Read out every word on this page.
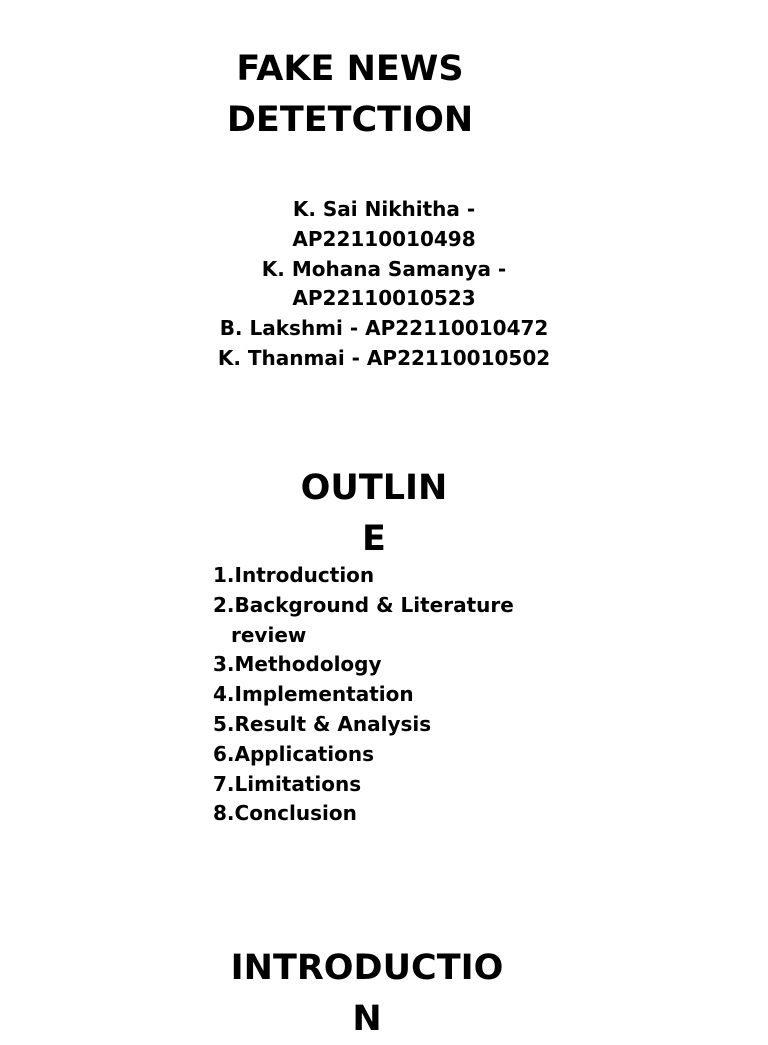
FAKE NEWS
DETETCTION
K. Sai Nikhitha -
AP22110010498
K. Mohana Samanya -
AP22110010523
B. Lakshmi - AP22110010472
K. Thanmai - AP22110010502
OUTLIN
E
1.Introduction
2.Background & Literature
review
3.Methodology
4.Implementation
5.Result & Analysis
6.Applications
7.Limitations
8.Conclusion
INTRODUCTIO
N
